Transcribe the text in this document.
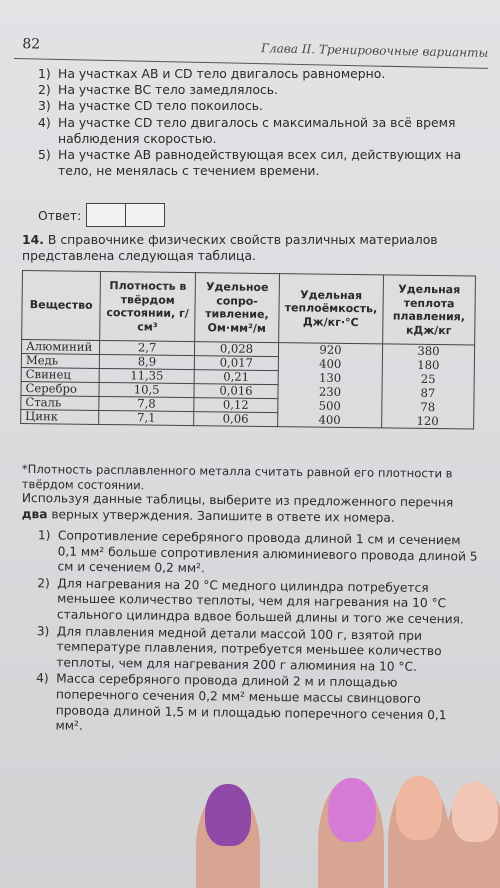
82	Глава II. Тренировочные варианты
1) На участках AB и CD тело двигалось равномерно.
2) На участке BC тело замедлялось.
3) На участке CD тело покоилось.
4) На участке CD тело двигалось с максимальной за всё время наблюдения скоростью.
5) На участке AB равнодействующая всех сил, действующих на тело, не менялась с течением времени.
Ответ:
14. В справочнике физических свойств различных материалов представлена следующая таблица.
Вещество	Плотность в твёрдом состоянии, г/см³	Удельное сопро-тивление, Ом·мм²/м	Удельная теплоёмкость, Дж/кг·°С	Удельная теплота плавления, кДж/кг
Алюминий	2,7	0,028	920	380
Медь	8,9	0,017	400	180
Свинец	11,35	0,21	130	25
Серебро	10,5	0,016	230	87
Сталь	7,8	0,12	500	78
Цинк	7,1	0,06	400	120
*Плотность расплавленного металла считать равной его плотности в твёрдом состоянии.
Используя данные таблицы, выберите из предложенного перечня два верных утверждения. Запишите в ответе их номера.
1) Сопротивление серебряного провода длиной 1 см и сечением 0,1 мм² больше сопротивления алюминиевого провода длиной 5 см и сечением 0,2 мм².
2) Для нагревания на 20 °C медного цилиндра потребуется меньшее количество теплоты, чем для нагревания на 10 °C стального цилиндра вдвое большей длины и того же сечения.
3) Для плавления медной детали массой 100 г, взятой при температуре плавления, потребуется меньшее количество теплоты, чем для нагревания 200 г алюминия на 10 °C.
4) Масса серебряного провода длиной 2 м и площадью поперечного сечения 0,2 мм² меньше массы свинцового провода длиной 1,5 м и площадью поперечного сечения 0,1 мм².
